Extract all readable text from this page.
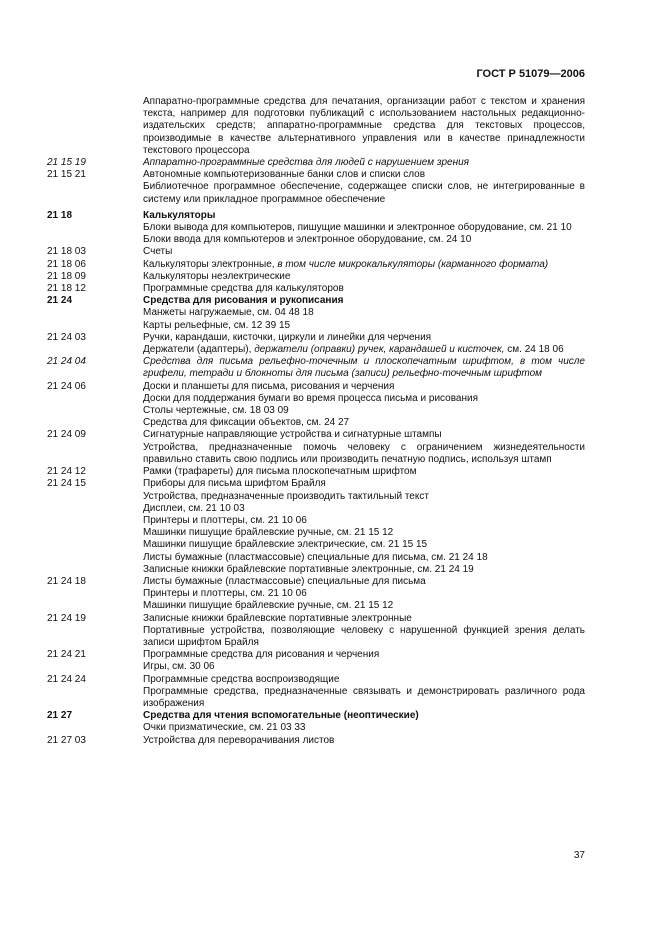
ГОСТ Р 51079—2006
Аппаратно-программные средства для печатания, организации работ с текстом и хранения текста, например для подготовки публикаций с использованием настольных редакционно-издательских средств; аппаратно-программные средства для текстовых процессов, производимые в качестве альтернативного управления или в качестве принадлежности текстового процессора
21 15 19	Аппаратно-программные средства для людей с нарушением зрения
21 15 21	Автономные компьютеризованные банки слов и списки слов
Библиотечное программное обеспечение, содержащее списки слов, не интегрированные в систему или прикладное программное обеспечение
21 18	Калькуляторы
Блоки вывода для компьютеров, пишущие машинки и электронное оборудование, см. 21 10
Блоки ввода для компьютеров и электронное оборудование, см. 24 10
21 18 03	Счеты
21 18 06	Калькуляторы электронные, в том числе микрокалькуляторы (карманного формата)
21 18 09	Калькуляторы неэлектрические
21 18 12	Программные средства для калькуляторов
21 24	Средства для рисования и рукописания
Манжеты нагружаемые, см. 04 48 18
Карты рельефные, см. 12 39 15
21 24 03	Ручки, карандаши, кисточки, циркули и линейки для черчения
Держатели (адаптеры), держатели (оправки) ручек, карандашей и кисточек, см. 24 18 06
21 24 04	Средства для письма рельефно-точечным и плоскопечатным шрифтом, в том числе грифели, тетради и блокноты для письма (записи) рельефно-точечным шрифтом
21 24 06	Доски и планшеты для письма, рисования и черчения
Доски для поддержания бумаги во время процесса письма и рисования
Столы чертежные, см. 18 03 09
Средства для фиксации объектов, см. 24 27
21 24 09	Сигнатурные направляющие устройства и сигнатурные штампы
Устройства, предназначенные помочь человеку с ограничением жизнедеятельности правильно ставить свою подпись или производить печатную подпись, используя штамп
21 24 12	Рамки (трафареты) для письма плоскопечатным шрифтом
21 24 15	Приборы для письма шрифтом Брайля
Устройства, предназначенные производить тактильный текст
Дисплеи, см. 21 10 03
Принтеры и плоттеры, см. 21 10 06
Машинки пишущие брайлевские ручные, см. 21 15 12
Машинки пишущие брайлевские электрические, см. 21 15 15
Листы бумажные (пластмассовые) специальные для письма, см. 21 24 18
Записные книжки брайлевские портативные электронные, см. 21 24 19
21 24 18	Листы бумажные (пластмассовые) специальные для письма
Принтеры и плоттеры, см. 21 10 06
Машинки пишущие брайлевские ручные, см. 21 15 12
21 24 19	Записные книжки брайлевские портативные электронные
Портативные устройства, позволяющие человеку с нарушенной функцией зрения делать записи шрифтом Брайля
21 24 21	Программные средства для рисования и черчения
Игры, см. 30 06
21 24 24	Программные средства воспроизводящие
Программные средства, предназначенные связывать и демонстрировать различного рода изображения
21 27	Средства для чтения вспомогательные (неоптические)
Очки призматические, см. 21 03 33
21 27 03	Устройства для переворачивания листов
37
